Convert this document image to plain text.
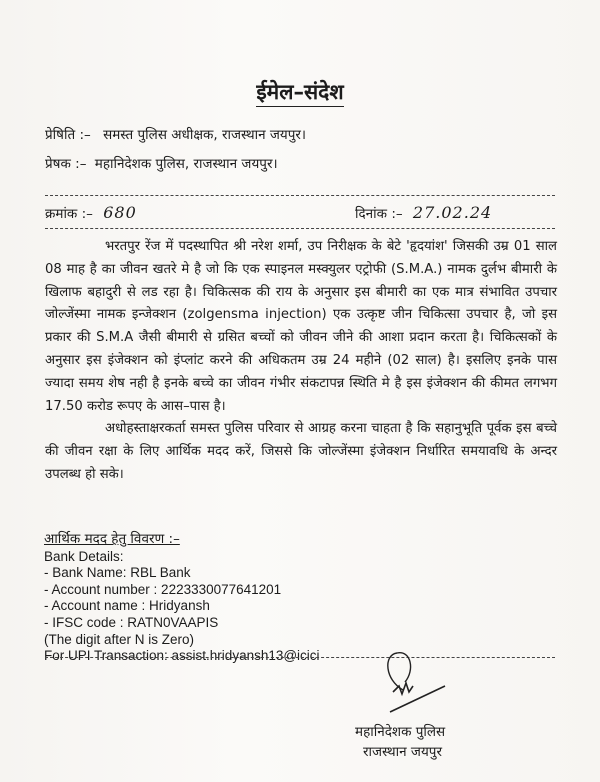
ईमेल–संदेश
प्रेषिति :– समस्त पुलिस अधीक्षक, राजस्थान जयपुर।
प्रेषक :– महानिदेशक पुलिस, राजस्थान जयपुर।
क्रमांक :– 680	दिनांक :– 27.02.24

भरतपुर रेंज में पदस्थापित श्री नरेश शर्मा, उप निरीक्षक के बेटे 'हृदयांश' जिसकी उम्र 01 साल 08 माह है का जीवन खतरे मे है जो कि एक स्पाइनल मस्क्युलर एट्रोफी (S.M.A.) नामक दुर्लभ बीमारी के खिलाफ बहादुरी से लड रहा है। चिकित्सक की राय के अनुसार इस बीमारी का एक मात्र संभावित उपचार जोल्जेंस्मा नामक इन्जेक्शन (zolgensma injection) एक उत्कृष्ट जीन चिकित्सा उपचार है, जो इस प्रकार की S.M.A जैसी बीमारी से ग्रसित बच्चों को जीवन जीने की आशा प्रदान करता है। चिकित्सकों के अनुसार इस इंजेक्शन को इंप्लांट करने की अधिकतम उम्र 24 महीने (02 साल) है। इसलिए इनके पास ज्यादा समय शेष नही है इनके बच्चे का जीवन गंभीर संकटापन्न स्थिति मे है इस इंजेक्शन की कीमत लगभग 17.50 करोड रूपए के आस–पास है।

अधोहस्ताक्षरकर्ता समस्त पुलिस परिवार से आग्रह करना चाहता है कि सहानुभूति पूर्वक इस बच्चे की जीवन रक्षा के लिए आर्थिक मदद करें, जिससे कि जोल्जेंस्मा इंजेक्शन निर्धारित समयावधि के अन्दर उपलब्ध हो सके।

आर्थिक मदद हेतु विवरण :–
Bank Details:
- Bank Name: RBL Bank
- Account number : 2223330077641201
- Account name : Hridyansh
- IFSC code : RATN0VAAPIS
(The digit after N is Zero)
For UPI Transaction: assist.hridyansh13@icici
महानिदेशक पुलिस
राजस्थान जयपुर
